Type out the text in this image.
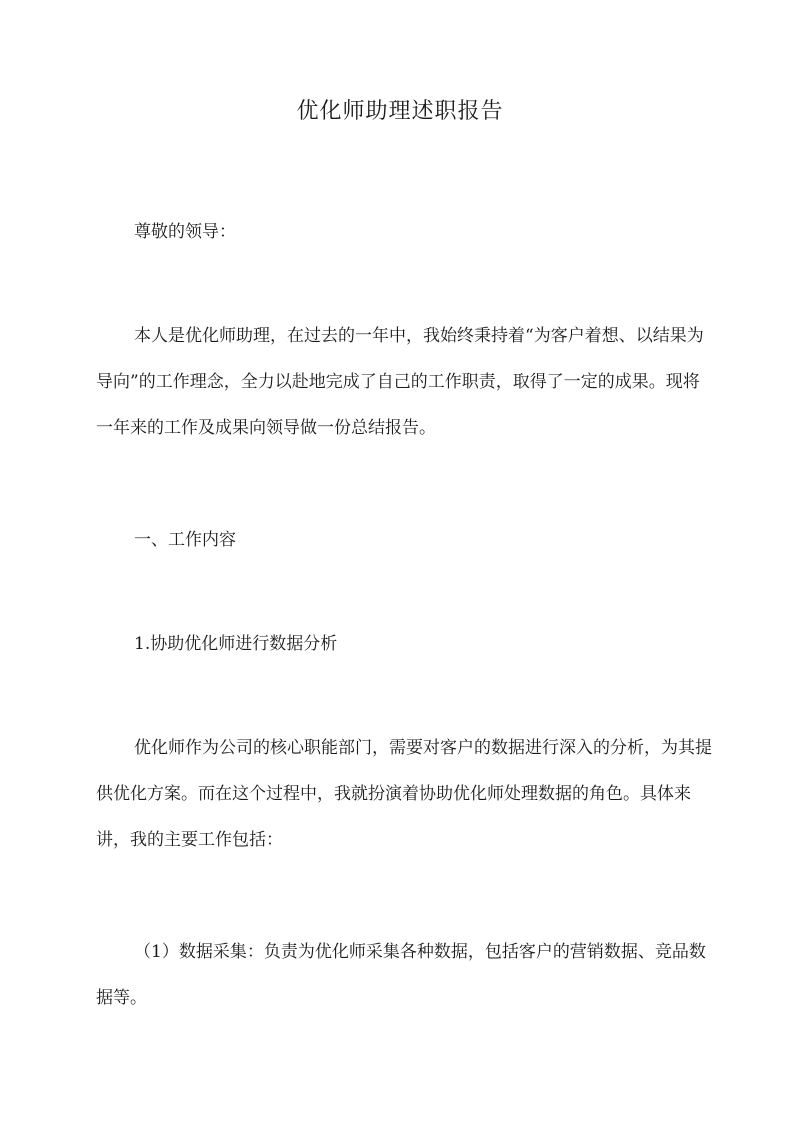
优化师助理述职报告

尊敬的领导：

本人是优化师助理，在过去的一年中，我始终秉持着“为客户着想、以结果为导向”的工作理念，全力以赴地完成了自己的工作职责，取得了一定的成果。现将一年来的工作及成果向领导做一份总结报告。

一、工作内容

1.协助优化师进行数据分析

优化师作为公司的核心职能部门，需要对客户的数据进行深入的分析，为其提供优化方案。而在这个过程中，我就扮演着协助优化师处理数据的角色。具体来讲，我的主要工作包括：

（1）数据采集：负责为优化师采集各种数据，包括客户的营销数据、竞品数据等。
